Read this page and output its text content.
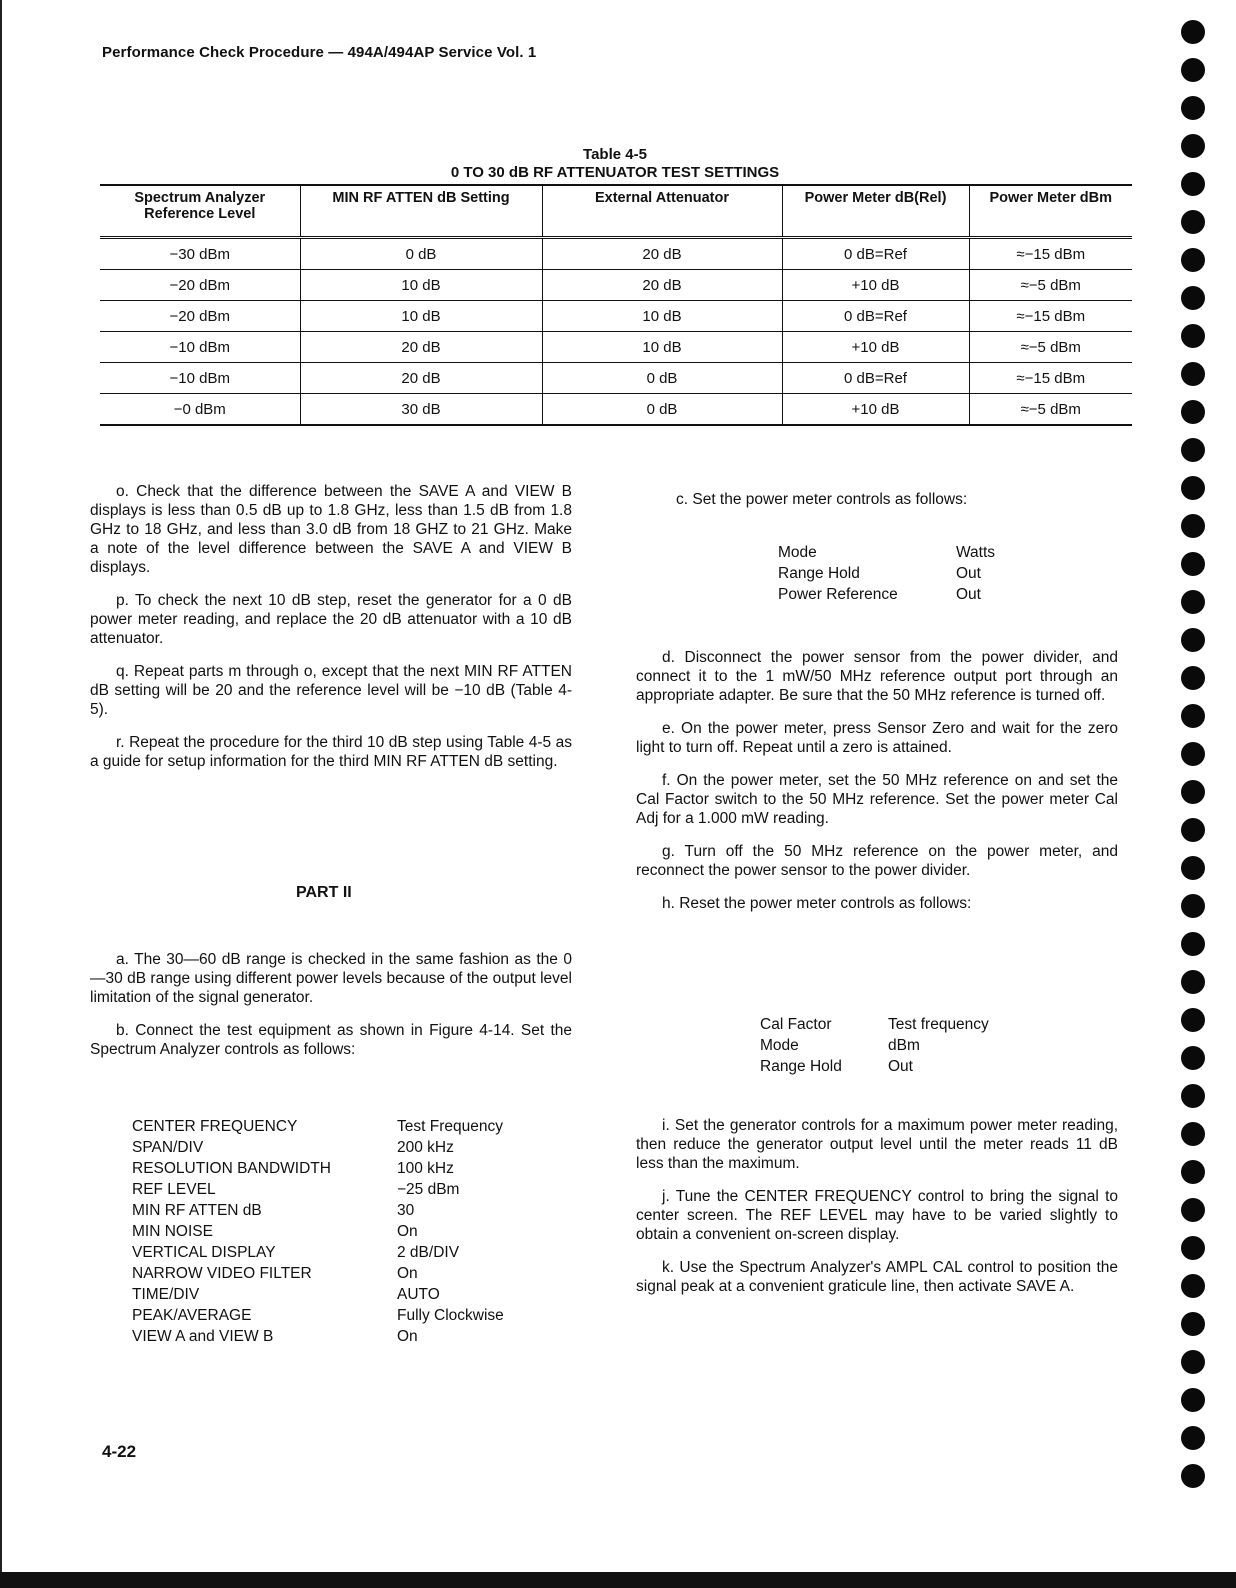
Performance Check Procedure — 494A/494AP Service Vol. 1
Table 4-5
0 TO 30 dB RF ATTENUATOR TEST SETTINGS
Spectrum Analyzer Reference Level	MIN RF ATTEN dB Setting	External Attenuator	Power Meter dB(Rel)	Power Meter dBm
−30 dBm	0 dB	20 dB	0 dB=Ref	≈−15 dBm
−20 dBm	10 dB	20 dB	+10 dB	≈−5 dBm
−20 dBm	10 dB	10 dB	0 dB=Ref	≈−15 dBm
−10 dBm	20 dB	10 dB	+10 dB	≈−5 dBm
−10 dBm	20 dB	0 dB	0 dB=Ref	≈−15 dBm
−0 dBm	30 dB	0 dB	+10 dB	≈−5 dBm

o. Check that the difference between the SAVE A and VIEW B displays is less than 0.5 dB up to 1.8 GHz, less than 1.5 dB from 1.8 GHz to 18 GHz, and less than 3.0 dB from 18 GHZ to 21 GHz. Make a note of the level difference between the SAVE A and VIEW B displays.

p. To check the next 10 dB step, reset the generator for a 0 dB power meter reading, and replace the 20 dB attenuator with a 10 dB attenuator.

q. Repeat parts m through o, except that the next MIN RF ATTEN dB setting will be 20 and the reference level will be −10 dB (Table 4-5).

r. Repeat the procedure for the third 10 dB step using Table 4-5 as a guide for setup information for the third MIN RF ATTEN dB setting.

PART II

a. The 30—60 dB range is checked in the same fashion as the 0—30 dB range using different power levels because of the output level limitation of the signal generator.

b. Connect the test equipment as shown in Figure 4-14. Set the Spectrum Analyzer controls as follows:

CENTER FREQUENCY	Test Frequency
SPAN/DIV	200 kHz
RESOLUTION BANDWIDTH	100 kHz
REF LEVEL	−25 dBm
MIN RF ATTEN dB	30
MIN NOISE	On
VERTICAL DISPLAY	2 dB/DIV
NARROW VIDEO FILTER	On
TIME/DIV	AUTO
PEAK/AVERAGE	Fully Clockwise
VIEW A and VIEW B	On

c. Set the power meter controls as follows:

Mode	Watts
Range Hold	Out
Power Reference	Out

d. Disconnect the power sensor from the power divider, and connect it to the 1 mW/50 MHz reference output port through an appropriate adapter. Be sure that the 50 MHz reference is turned off.

e. On the power meter, press Sensor Zero and wait for the zero light to turn off. Repeat until a zero is attained.

f. On the power meter, set the 50 MHz reference on and set the Cal Factor switch to the 50 MHz reference. Set the power meter Cal Adj for a 1.000 mW reading.

g. Turn off the 50 MHz reference on the power meter, and reconnect the power sensor to the power divider.

h. Reset the power meter controls as follows:

Cal Factor	Test frequency
Mode	dBm
Range Hold	Out

i. Set the generator controls for a maximum power meter reading, then reduce the generator output level until the meter reads 11 dB less than the maximum.

j. Tune the CENTER FREQUENCY control to bring the signal to center screen. The REF LEVEL may have to be varied slightly to obtain a convenient on-screen display.

k. Use the Spectrum Analyzer's AMPL CAL control to position the signal peak at a convenient graticule line, then activate SAVE A.

4-22
